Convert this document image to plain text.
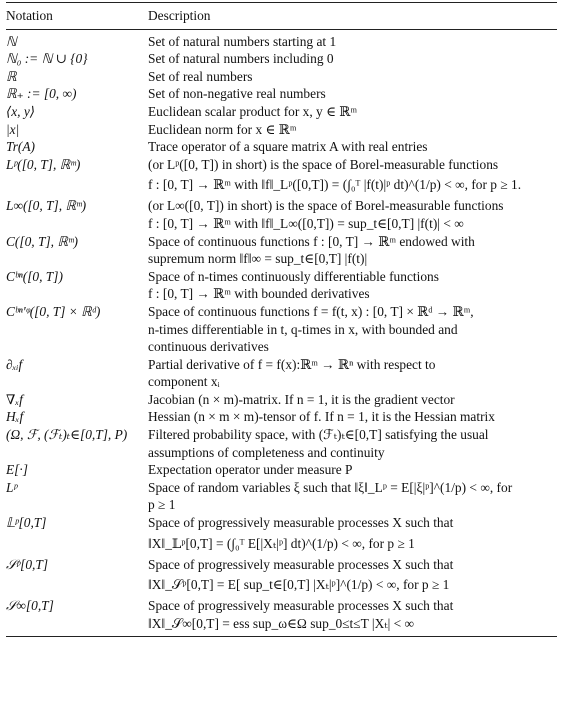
Notation	Description
ℕ	Set of natural numbers starting at 1

ℕ₀ := ℕ ∪ {0}	Set of natural numbers including 0

ℝ	Set of real numbers

ℝ₊ := [0, ∞)	Set of non-negative real numbers

⟨x, y⟩	Euclidean scalar product for x, y ∈ ℝᵐ

|x|	Euclidean norm for x ∈ ℝᵐ

Tr(A)	Trace operator of a square matrix A with real entries

Lᵖ([0, T], ℝᵐ)	(or Lᵖ([0, T]) in short) is the space of Borel-measurable functions
f : [0, T] → ℝᵐ with ‖f‖_Lᵖ([0,T]) = (∫₀ᵀ |f(t)|ᵖ dt)^(1/p) < ∞, for p ≥ 1.

L∞([0, T], ℝᵐ)	(or L∞([0, T]) in short) is the space of Borel-measurable functions
f : [0, T] → ℝᵐ with ‖f‖_L∞([0,T]) = sup_t∈[0,T] |f(t)| < ∞

C([0, T], ℝᵐ)	Space of continuous functions f : [0, T] → ℝᵐ endowed with
supremum norm ‖f‖∞ = sup_t∈[0,T] |f(t)|

Cᵇⁿ([0, T])	Space of n-times continuously differentiable functions
f : [0, T] → ℝᵐ with bounded derivatives

Cᵇⁿ'ᵠ([0, T] × ℝᵈ)	Space of continuous functions f = f(t, x) : [0, T] × ℝᵈ → ℝᵐ,
n-times differentiable in t, q-times in x, with bounded and
continuous derivatives

∂ₓᵢf	Partial derivative of f = f(x):ℝᵐ → ℝⁿ with respect to
component xᵢ

∇ₓf	Jacobian (n × m)-matrix. If n = 1, it is the gradient vector

Hₓf	Hessian (n × m × m)-tensor of f. If n = 1, it is the Hessian matrix

(Ω, ℱ, (ℱₜ)ₜ∈[0,T], P)	Filtered probability space, with (ℱₜ)ₜ∈[0,T] satisfying the usual
assumptions of completeness and continuity

E[·]	Expectation operator under measure P

Lᵖ	Space of random variables ξ such that ‖ξ‖_Lᵖ = E[|ξ|ᵖ]^(1/p) < ∞, for
p ≥ 1

𝕃ᵖ[0,T]	Space of progressively measurable processes X such that
‖X‖_𝕃ᵖ[0,T] = (∫₀ᵀ E[|Xₜ|ᵖ] dt)^(1/p) < ∞, for p ≥ 1

𝒮ᵖ[0,T]	Space of progressively measurable processes X such that
‖X‖_𝒮ᵖ[0,T] = E[ sup_t∈[0,T] |Xₜ|ᵖ]^(1/p) < ∞, for p ≥ 1

𝒮∞[0,T]	Space of progressively measurable processes X such that
‖X‖_𝒮∞[0,T] = ess sup_ω∈Ω sup_0≤t≤T |Xₜ| < ∞
